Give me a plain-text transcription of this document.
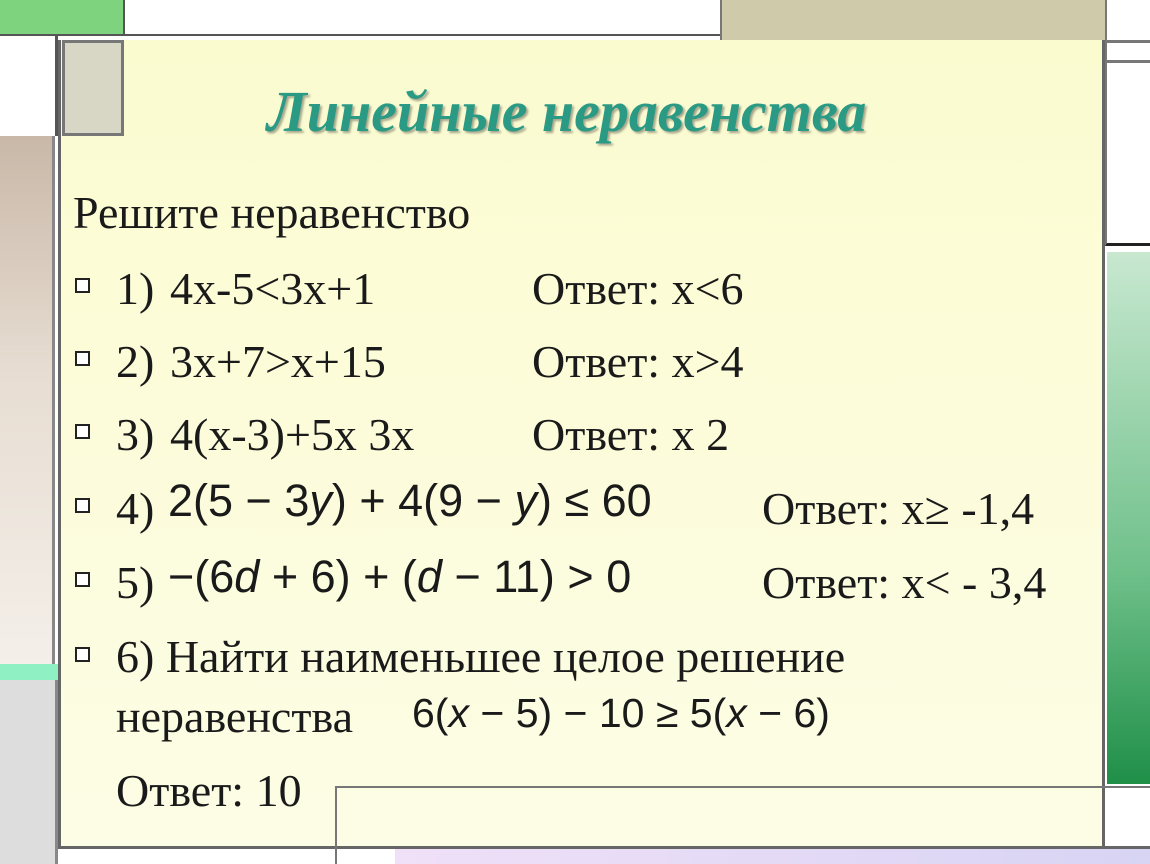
Линейные неравенства
Решите неравенство
1) 4х-5<3х+1	Ответ: х<6
2) 3х+7>х+15	Ответ: х>4
3) 4(х-3)+5х 3х	Ответ: х 2
4) 2(5 − 3y) + 4(9 − y) ≤ 60 Ответ: х≥ -1,4
5) −(6d + 6) + (d − 11) > 0	Ответ: х< - 3,4
6) Найти наименьшее целое решение
неравенства 6(x − 5) − 10 ≥ 5(x − 6)
Ответ: 10
